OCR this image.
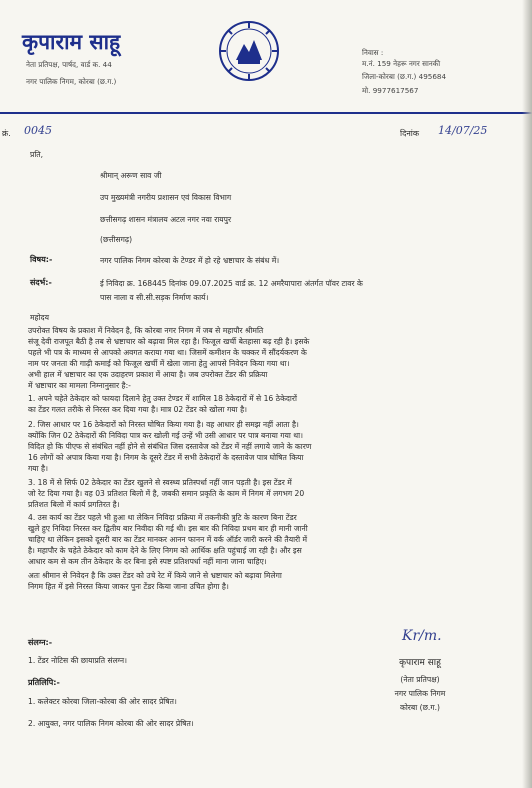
कृपाराम साहू
नेता प्रतिपक्ष, पार्षद, वार्ड क. 44
नगर पालिक निगम, कोरबा (छ.ग.)
निवास :
म.नं. 159 नेहरू नगर सानकी
जिला-कोरबा (छ.ग.) 495684
मो. 9977617567
क्रं. 0045	दिनांक 14/07/25
प्रति,
श्रीमान् अरूण साव जी
उप मुख्यमंत्री नगरीय प्रशासन एवं विकास विभाग
छत्तीसगढ़ शासन मंत्रालय अटल नगर नवा रायपुर
(छत्तीसगढ़)
विषय:-	नगर पालिक निगम कोरबा के टेण्डर में हो रहे भ्रष्टाचार के संबंध में।
संदर्भ:-	ई निविदा क्र. 168445 दिनांक 09.07.2025 वार्ड क्र. 12 अमरैयापारा अंतर्गत पॉवर टावर के
पास नाला व सी.सी.सड़क निर्माण कार्य।
महोदय
उपरोक्त विषय के प्रकाश में निवेदन है, कि कोरबा नगर निगम में जब से महापौर श्रीमति
संजू देवी राजपूत बैठी है तब से भ्रष्टाचार को बढ़ावा मिल रहा है। फिजूल खर्ची बेतहासा बढ़ रही है। इसके
पहले भी पत्र के माध्यम से आपको अवगत कराया गया था। जिसमें कमीशन के चक्कर में सौंदर्यकरण के
नाम पर जनता की गाढ़ी कमाई को फिजूल खर्ची में खेला जाना हेतु आपसे निवेदन किया गया था।
अभी हाल में भ्रष्टाचार का एक उदाहरण प्रकाश में आया है। जब उपरोक्त टेंडर की प्रक्रिया
में भ्रष्टाचार का मामला निम्नानुसार है:-
1. अपने चहेते ठेकेदार को फायदा दिलाने हेतु उक्त टेण्डर में शामिल 18 ठेकेदारों में से 16 ठेकेदारों
का टेंडर गलत तरीके से निरस्त कर दिया गया है। मात्र 02 टेंडर को खोला गया है।
2. जिस आधार पर 16 ठेकेदारों को निरस्त घोषित किया गया है। वह आधार ही समझ नहीं आता है।
क्योंकि जिन 02 ठेकेदारों की निविदा पात्र कर खोली गई उन्हें भी उसी आधार पर पात्र बनाया गया था।
विदित हो कि पीएफ से संबंधित नहीं होने से संबंधित जिस दस्तावेज को टेंडर में नहीं लगाये जाने के कारण
16 लोगों को अपात्र किया गया है। निगम के दूसरे टेंडर में सभी ठेकेदारों के दस्तावेज पात्र घोषित किया
गया है।
3. 18 में से सिर्फ 02 ठेकेदार का टेंडर खुलने से स्वस्थ्य प्रतिस्पर्धा नहीं जान पड़ती है। इस टेंडर में
जो रेट दिया गया है। वह 03 प्रतिशत बिलो में है, जबकी समान प्रकृति के काम में निगम में लगभग 20
प्रतिशत बिलो में कार्य प्रगतिरत है।
4. उस कार्य का टेंडर पहले भी हुआ था लेकिन निविदा प्रक्रिया में तकनीकी त्रुटि के कारण बिना टेंडर
खुले हुए निविदा निरस्त कर द्वितीय बार निवीदा की गई थी। इस बार की निविदा प्रथम बार ही मानी जानी
चाहिए था लेकिन इसको दूसरी बार का टेंडर मानकर आनन फानन में वर्क ऑर्डर जारी करने की तैयारी में
है। महापौर के चहेते ठेकेदार को काम देने के लिए निगम को आर्थिक क्षति पहुंचाई जा रही है। और इस
आधार कम से कम तीन ठेकेदार के दर बिना इसे स्पष्ट प्रतिशपर्धा नहीं माना जाना चाहिए।
अतः श्रीमान से निवेदन है कि उक्त टेंडर को उचे रेट में किये जाने से भ्रष्टाचार को बढ़ावा मिलेगा
निगम हित में इसे निरस्त किया जाकर पुनः टेंडर किया जाना उचित होगा है।
संलग्न:-
1. टेंडर नोटिस की छायाप्रति संलग्न।
प्रतिलिपि:-
1. कलेक्टर कोरबा जिला-कोरबा की ओर सादर प्रेषित।
2. आयुक्त, नगर पालिक निगम कोरबा की ओर सादर प्रेषित।
Kr/m.
कृपाराम साहू
(नेता प्रतिपक्ष)
नगर पालिक निगम
कोरबा (छ.ग.)
